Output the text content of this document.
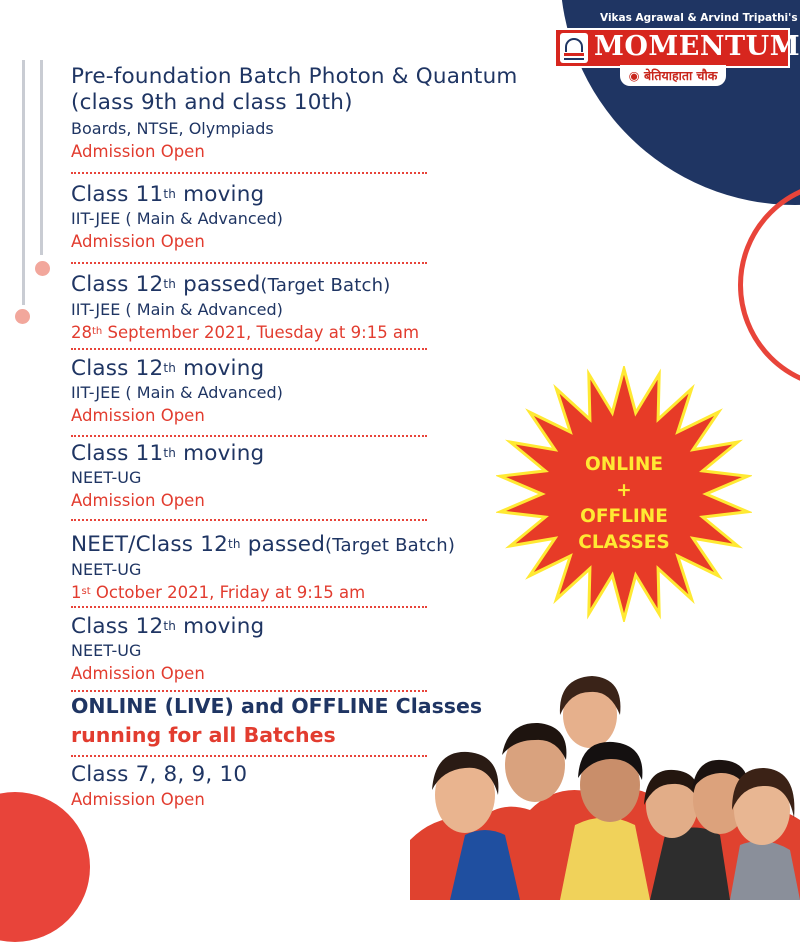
Vikas Agrawal & Arvind Tripathi's
MOMENTUM
◉ बेतियाहाता चौक
Pre-foundation Batch Photon & Quantum
(class 9th and class 10th)
Boards, NTSE, Olympiads
Admission Open
Class 11th moving
IIT-JEE ( Main & Advanced)
Admission Open
Class 12th passed(Target Batch)
IIT-JEE ( Main & Advanced)
28th September 2021, Tuesday at 9:15 am
Class 12th moving
IIT-JEE ( Main & Advanced)
Admission Open
Class 11th moving
NEET-UG
Admission Open
NEET/Class 12th passed(Target Batch)
NEET-UG
1st October 2021, Friday at 9:15 am
Class 12th moving
NEET-UG
Admission Open
ONLINE (LIVE) and OFFLINE Classes
running for all Batches
Class 7, 8, 9, 10
Admission Open
ONLINE
+
OFFLINE
CLASSES
